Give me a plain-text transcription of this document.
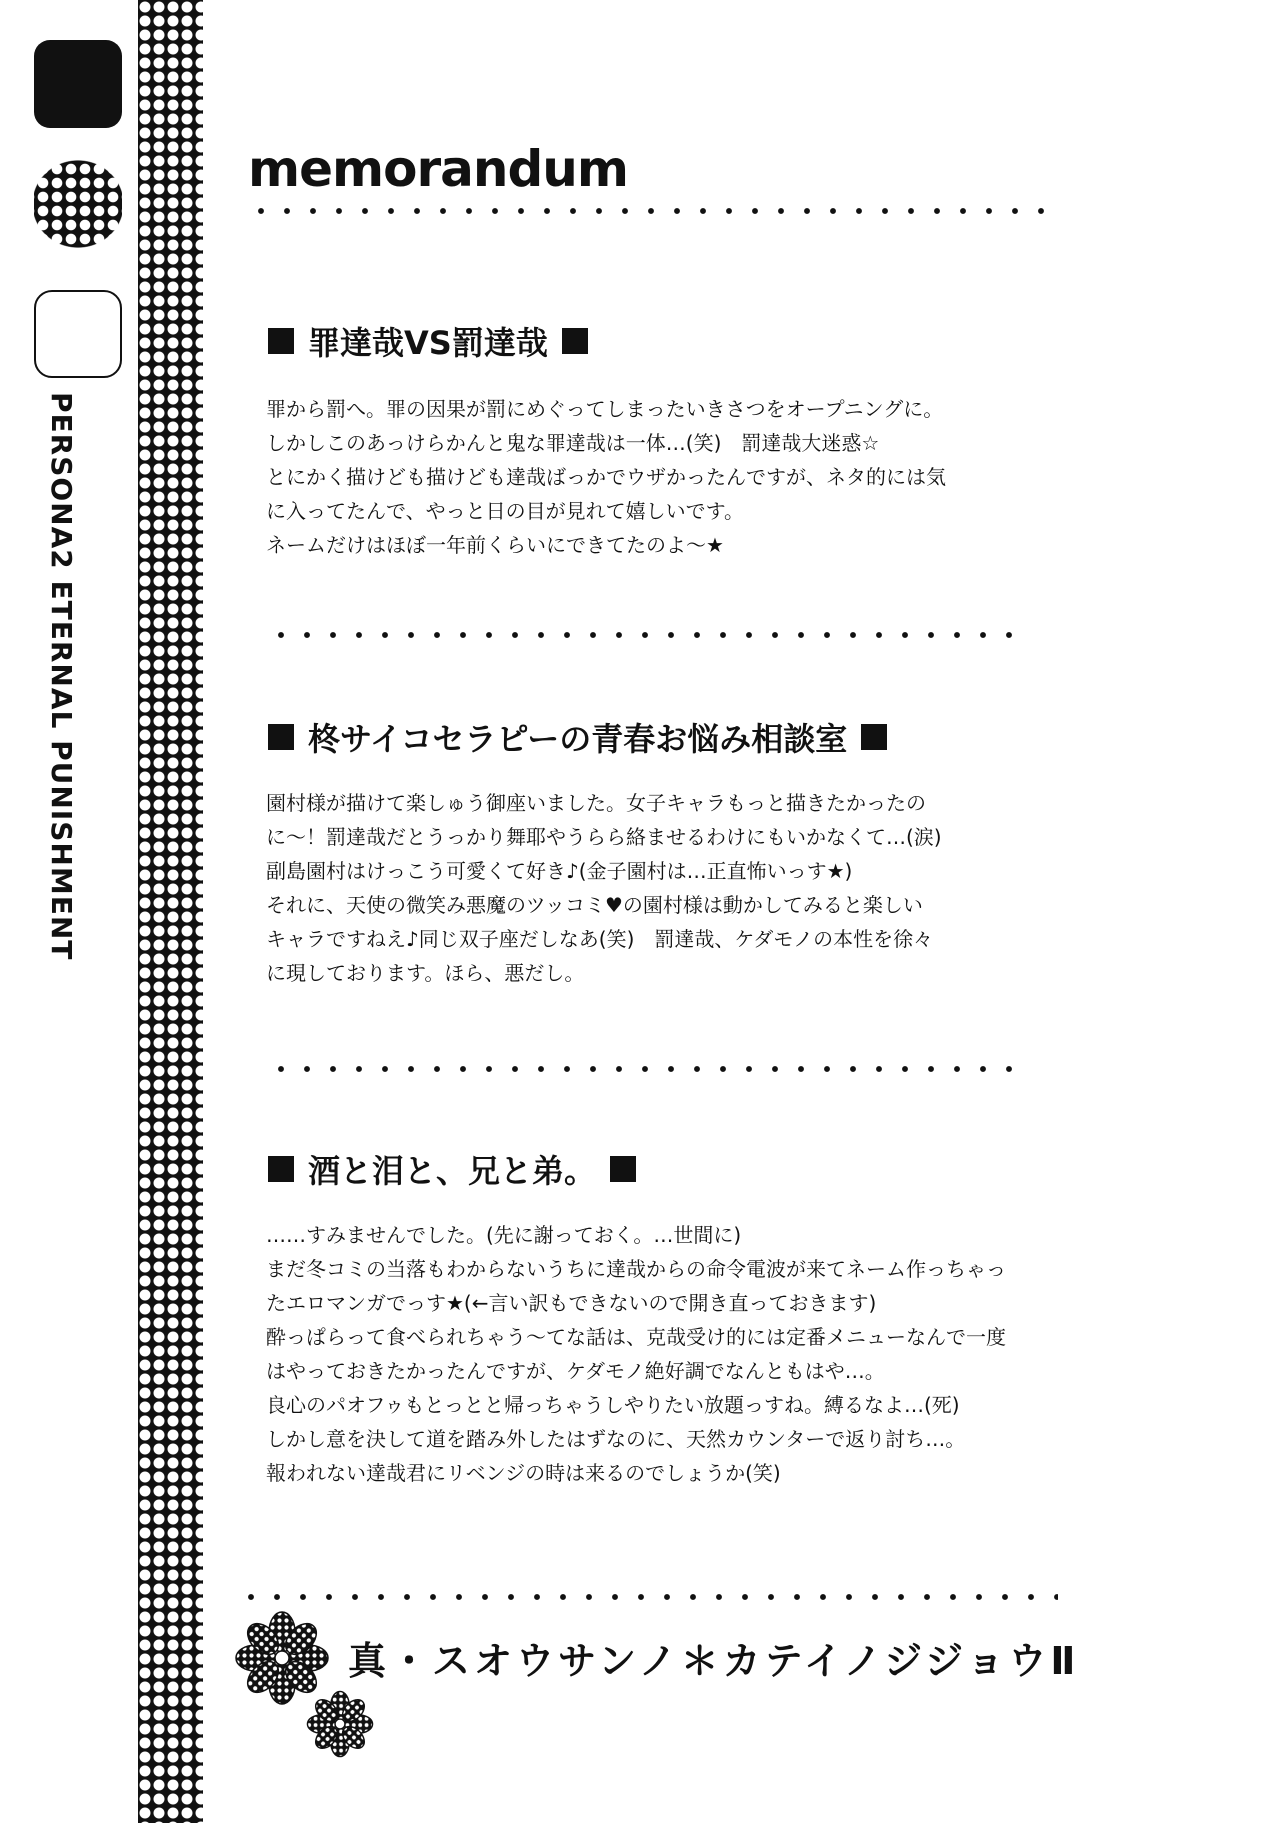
PERSONA2 ETERNAL PUNISHMENT
memorandum
罪達哉VS罰達哉
罪から罰へ。罪の因果が罰にめぐってしまったいきさつをオープニングに。
しかしこのあっけらかんと鬼な罪達哉は一体…(笑)　罰達哉大迷惑☆
とにかく描けども描けども達哉ばっかでウザかったんですが、ネタ的には気
に入ってたんで、やっと日の目が見れて嬉しいです。
ネームだけはほぼ一年前くらいにできてたのよ～★
柊サイコセラピーの青春お悩み相談室
園村様が描けて楽しゅう御座いました。女子キャラもっと描きたかったの
に～！罰達哉だとうっかり舞耶やうらら絡ませるわけにもいかなくて…(涙)
副島園村はけっこう可愛くて好き♪(金子園村は…正直怖いっす★)
それに、天使の微笑み悪魔のツッコミ♥の園村様は動かしてみると楽しい
キャラですねえ♪同じ双子座だしなあ(笑)　罰達哉、ケダモノの本性を徐々
に現しております。ほら、悪だし。
酒と泪と、兄と弟。
……すみませんでした。(先に謝っておく。…世間に)
まだ冬コミの当落もわからないうちに達哉からの命令電波が来てネーム作っちゃっ
たエロマンガでっす★(←言い訳もできないので開き直っておきます)
酔っぱらって食べられちゃう～てな話は、克哉受け的には定番メニューなんで一度
はやっておきたかったんですが、ケダモノ絶好調でなんともはや…。
良心のパオフゥもとっとと帰っちゃうしやりたい放題っすね。縛るなよ…(死)
しかし意を決して道を踏み外したはずなのに、天然カウンターで返り討ち…。
報われない達哉君にリベンジの時は来るのでしょうか(笑)
真・スオウサンノ＊カテイノジジョウⅡ
